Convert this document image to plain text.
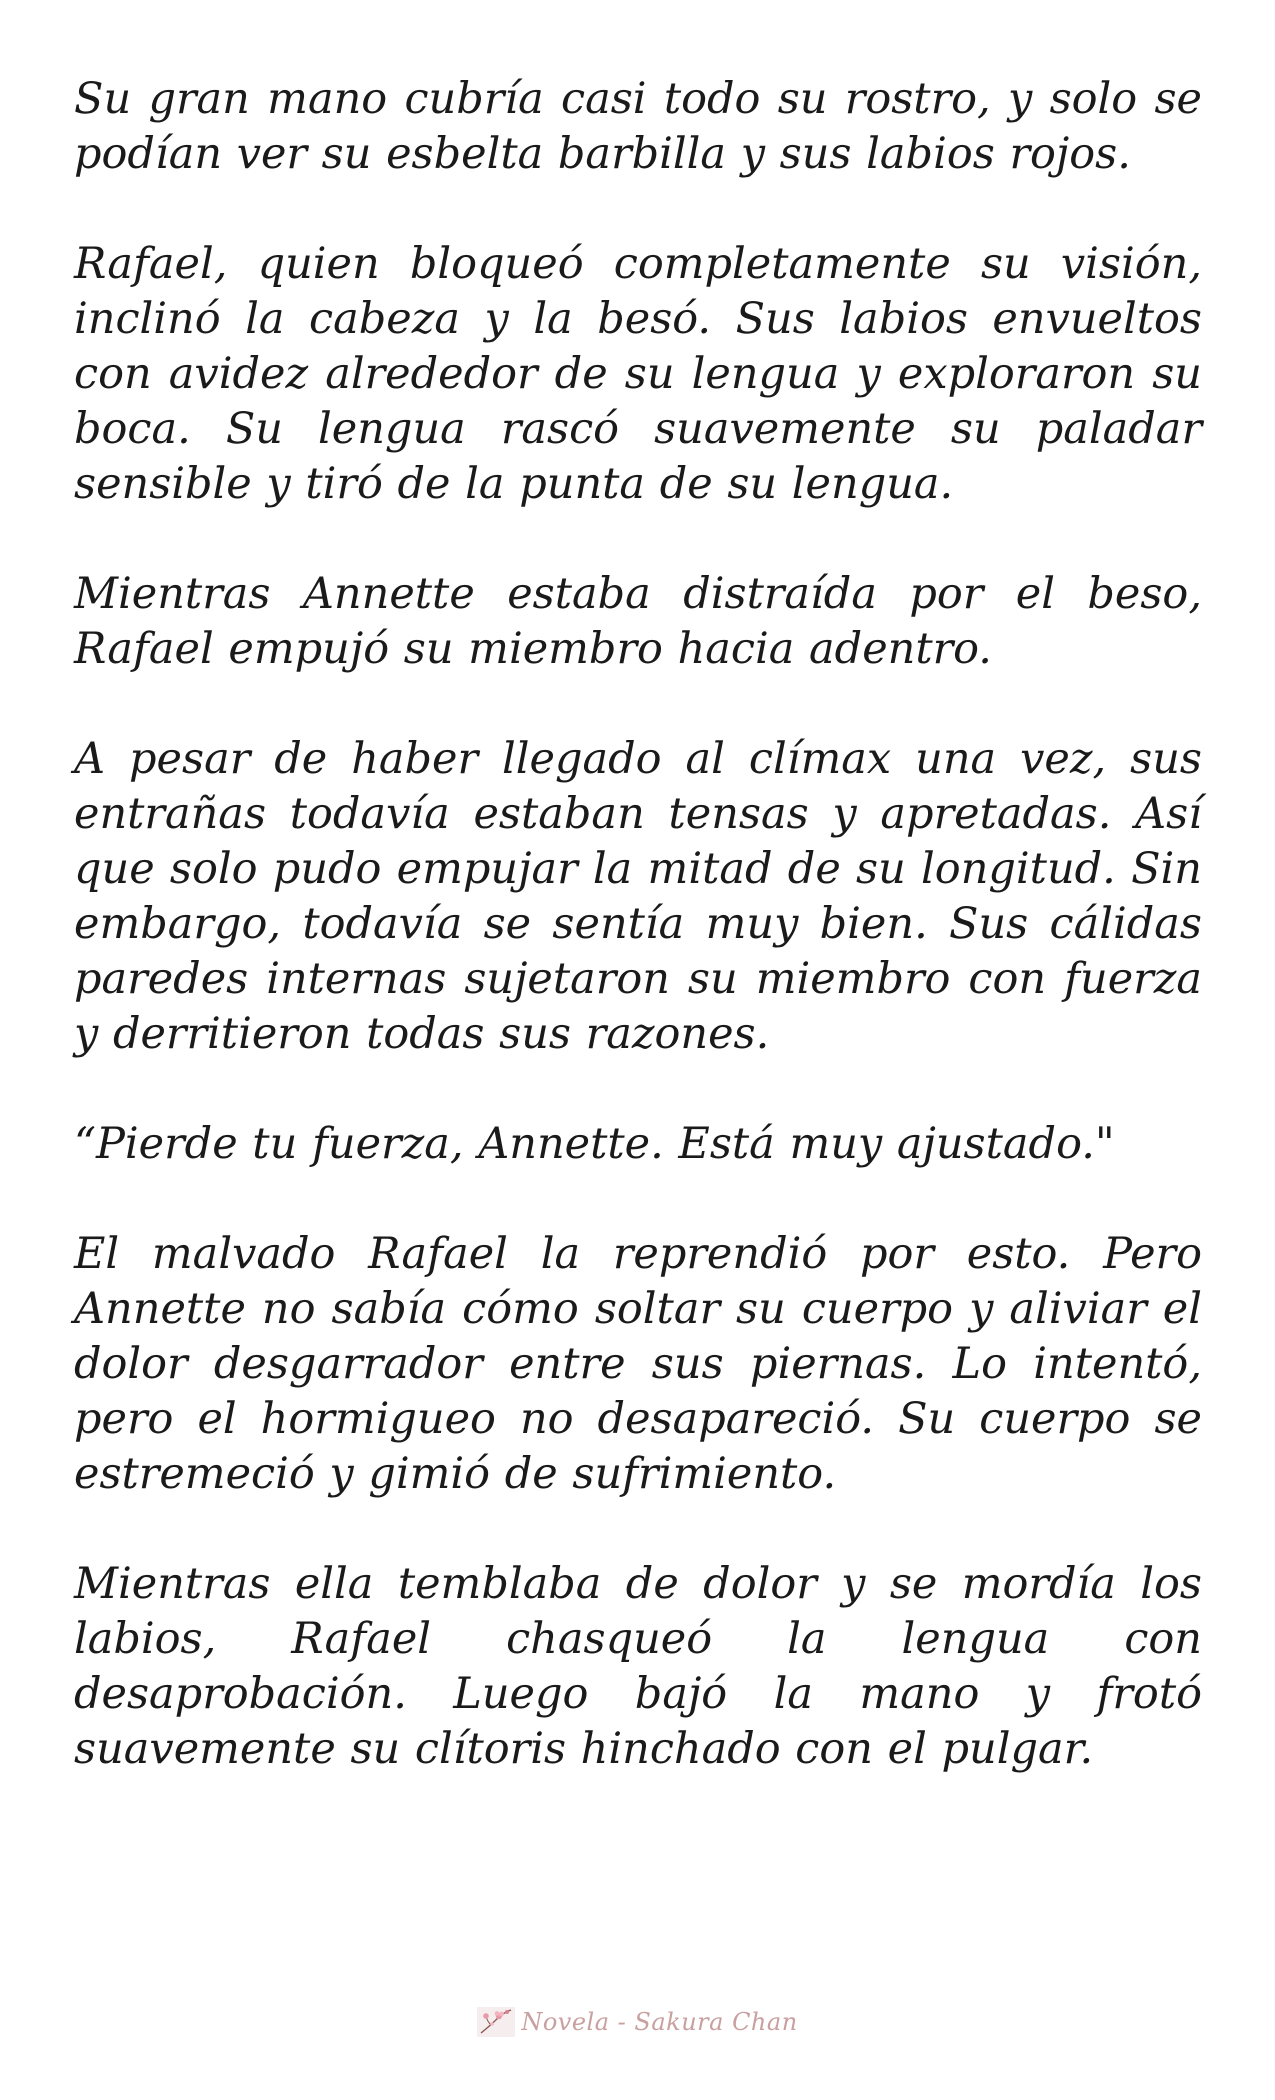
Su gran mano cubría casi todo su rostro, y solo se podían ver su esbelta barbilla y sus labios rojos.

Rafael, quien bloqueó completamente su visión, inclinó la cabeza y la besó. Sus labios envueltos con avidez alrededor de su lengua y exploraron su boca. Su lengua rascó suavemente su paladar sensible y tiró de la punta de su lengua.

Mientras Annette estaba distraída por el beso, Rafael empujó su miembro hacia adentro.

A pesar de haber llegado al clímax una vez, sus entrañas todavía estaban tensas y apretadas. Así que solo pudo empujar la mitad de su longitud. Sin embargo, todavía se sentía muy bien. Sus cálidas paredes internas sujetaron su miembro con fuerza y derritieron todas sus razones.

“Pierde tu fuerza, Annette. Está muy ajustado."

El malvado Rafael la reprendió por esto. Pero Annette no sabía cómo soltar su cuerpo y aliviar el dolor desgarrador entre sus piernas. Lo intentó, pero el hormigueo no desapareció. Su cuerpo se estremeció y gimió de sufrimiento.

Mientras ella temblaba de dolor y se mordía los labios, Rafael chasqueó la lengua con desaprobación. Luego bajó la mano y frotó suavemente su clítoris hinchado con el pulgar.

Novela - Sakura Chan
